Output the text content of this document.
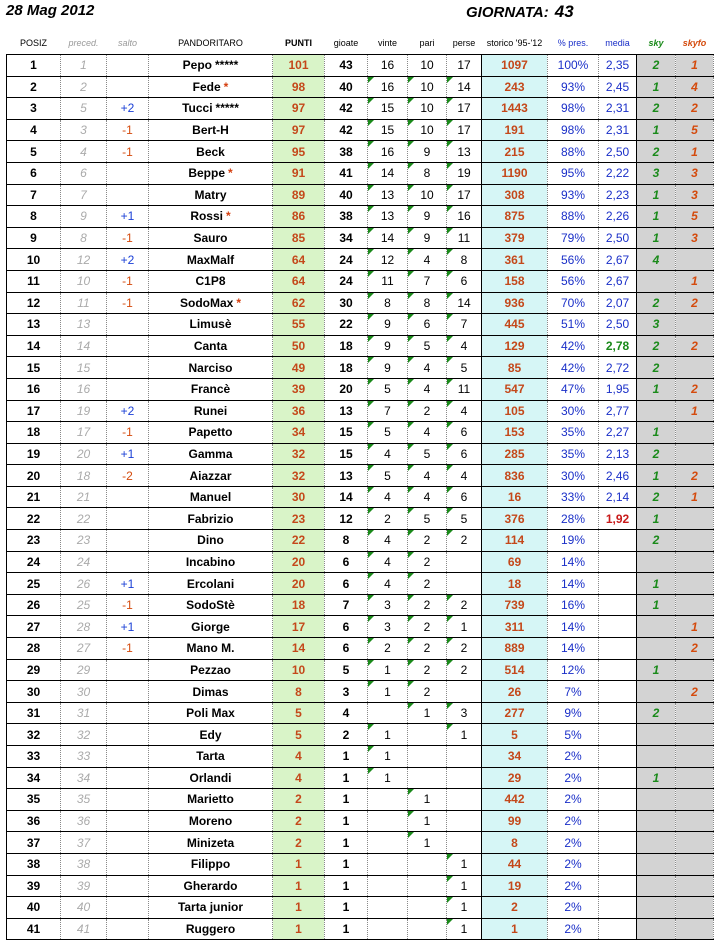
28 Mag 2012	GIORNATA: 43
POSIZ	preced.	salto	PANDORITARO	PUNTI	gioate	vinte	pari	perse	storico '95-'12	% pres.	media	sky	skyfo
1	1		Pepo *****	101	43	16	10	17	1097	100%	2,35	2	1
2	2		Fede *	98	40	16	10	14	243	93%	2,45	1	4
3	5	+2	Tucci *****	97	42	15	10	17	1443	98%	2,31	2	2
4	3	-1	Bert-H	97	42	15	10	17	191	98%	2,31	1	5
5	4	-1	Beck	95	38	16	9	13	215	88%	2,50	2	1
6	6		Beppe *	91	41	14	8	19	1190	95%	2,22	3	3
7	7		Matry	89	40	13	10	17	308	93%	2,23	1	3
8	9	+1	Rossi *	86	38	13	9	16	875	88%	2,26	1	5
9	8	-1	Sauro	85	34	14	9	11	379	79%	2,50	1	3
10	12	+2	MaxMalf	64	24	12	4	8	361	56%	2,67	4	
11	10	-1	C1P8	64	24	11	7	6	158	56%	2,67		1
12	11	-1	SodoMax *	62	30	8	8	14	936	70%	2,07	2	2
13	13		Limusè	55	22	9	6	7	445	51%	2,50	3	
14	14		Canta	50	18	9	5	4	129	42%	2,78	2	2
15	15		Narciso	49	18	9	4	5	85	42%	2,72	2	
16	16		Francè	39	20	5	4	11	547	47%	1,95	1	2
17	19	+2	Runei	36	13	7	2	4	105	30%	2,77		1
18	17	-1	Papetto	34	15	5	4	6	153	35%	2,27	1	
19	20	+1	Gamma	32	15	4	5	6	285	35%	2,13	2	
20	18	-2	Aiazzar	32	13	5	4	4	836	30%	2,46	1	2
21	21		Manuel	30	14	4	4	6	16	33%	2,14	2	1
22	22		Fabrizio	23	12	2	5	5	376	28%	1,92	1	
23	23		Dino	22	8	4	2	2	114	19%		2	
24	24		Incabino	20	6	4	2		69	14%			
25	26	+1	Ercolani	20	6	4	2		18	14%		1	
26	25	-1	SodoStè	18	7	3	2	2	739	16%		1	
27	28	+1	Giorge	17	6	3	2	1	311	14%			1
28	27	-1	Mano M.	14	6	2	2	2	889	14%			2
29	29		Pezzao	10	5	1	2	2	514	12%		1	
30	30		Dimas	8	3	1	2		26	7%			2
31	31		Poli Max	5	4		1	3	277	9%		2	
32	32		Edy	5	2	1		1	5	5%			
33	33		Tarta	4	1	1			34	2%			
34	34		Orlandi	4	1	1			29	2%		1	
35	35		Marietto	2	1		1		442	2%			
36	36		Moreno	2	1		1		99	2%			
37	37		Minizeta	2	1		1		8	2%			
38	38		Filippo	1	1			1	44	2%			
39	39		Gherardo	1	1			1	19	2%			
40	40		Tarta junior	1	1			1	2	2%			
41	41		Ruggero	1	1			1	1	2%			
